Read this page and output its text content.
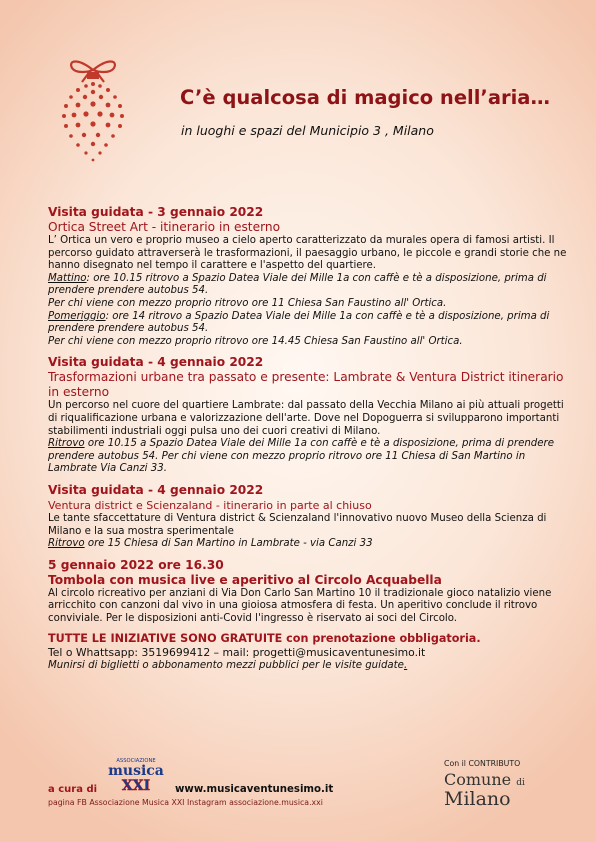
C’è qualcosa di magico nell’aria…
in luoghi e spazi del Municipio 3 , Milano
Visita guidata - 3 gennaio 2022
Ortica Street Art - itinerario in esterno
L’ Ortica un vero e proprio museo a cielo aperto caratterizzato da murales opera di famosi artisti. Il percorso guidato attraverserà le trasformazioni, il paesaggio urbano, le piccole e grandi storie che ne hanno disegnato nel tempo il carattere e l'aspetto del quartiere.
Mattino: ore 10.15 ritrovo a Spazio Datea Viale dei Mille 1a con caffè e tè a disposizione, prima di prendere prendere autobus 54.
Per chi viene con mezzo proprio ritrovo ore 11 Chiesa San Faustino all' Ortica.
Pomeriggio: ore 14 ritrovo a Spazio Datea Viale dei Mille 1a con caffè e tè a disposizione, prima di prendere prendere autobus 54.
Per chi viene con mezzo proprio ritrovo ore 14.45 Chiesa San Faustino all' Ortica.
Visita guidata - 4 gennaio 2022
Trasformazioni urbane tra passato e presente: Lambrate & Ventura District itinerario in esterno
Un percorso nel cuore del quartiere Lambrate: dal passato della Vecchia Milano ai più attuali progetti di riqualificazione urbana e valorizzazione dell'arte. Dove nel Dopoguerra si svilupparono importanti stabilimenti industriali oggi pulsa uno dei cuori creativi di Milano.
Ritrovo ore 10.15 a Spazio Datea Viale dei Mille 1a con caffè e tè a disposizione, prima di prendere prendere autobus 54. Per chi viene con mezzo proprio ritrovo ore 11 Chiesa di San Martino in Lambrate Via Canzi 33.
Visita guidata - 4 gennaio 2022
Ventura district e Scienzaland - itinerario in parte al chiuso
Le tante sfaccettature di Ventura district & Scienzaland l'innovativo nuovo Museo della Scienza di Milano e la sua mostra sperimentale
Ritrovo ore 15 Chiesa di San Martino in Lambrate - via Canzi 33
5 gennaio 2022 ore 16.30
Tombola con musica live e aperitivo al Circolo Acquabella
Al circolo ricreativo per anziani di Via Don Carlo San Martino 10 il tradizionale gioco natalizio viene arricchito con canzoni dal vivo in una gioiosa atmosfera di festa. Un aperitivo conclude il ritrovo conviviale. Per le disposizioni anti-Covid l'ingresso è riservato ai soci del Circolo.
TUTTE LE INIZIATIVE SONO GRATUITE con prenotazione obbligatoria.
Tel o Whattsapp: 3519699412 – mail: progetti@musicaventunesimo.it
Munirsi di biglietti o abbonamento mezzi pubblici per le visite guidate.
ASSOCIAZIONE
musica
XXI
a cura di	www.musicaventunesimo.it
pagina FB Associazione Musica XXI Instagram associazione.musica.xxi
Con il CONTRIBUTO
Comune di
Milano
